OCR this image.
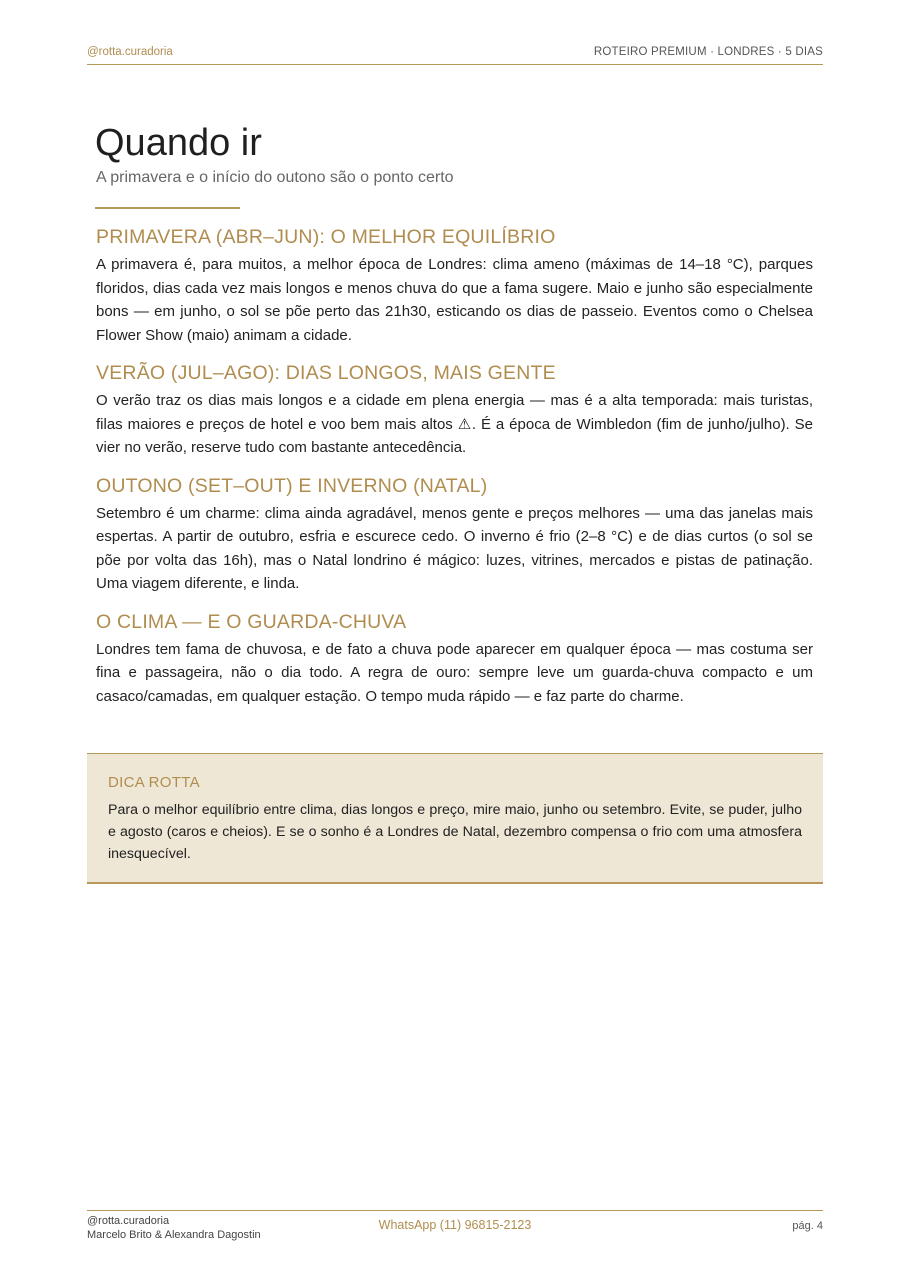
@rotta.curadoria	ROTEIRO PREMIUM · LONDRES · 5 DIAS
Quando ir

A primavera e o início do outono são o ponto certo

PRIMAVERA (ABR–JUN): O MELHOR EQUILÍBRIO

A primavera é, para muitos, a melhor época de Londres: clima ameno (máximas de 14–18 °C), parques floridos, dias cada vez mais longos e menos chuva do que a fama sugere. Maio e junho são especialmente bons — em junho, o sol se põe perto das 21h30, esticando os dias de passeio. Eventos como o Chelsea Flower Show (maio) animam a cidade.

VERÃO (JUL–AGO): DIAS LONGOS, MAIS GENTE

O verão traz os dias mais longos e a cidade em plena energia — mas é a alta temporada: mais turistas, filas maiores e preços de hotel e voo bem mais altos ⚠. É a época de Wimbledon (fim de junho/julho). Se vier no verão, reserve tudo com bastante antecedência.

OUTONO (SET–OUT) E INVERNO (NATAL)

Setembro é um charme: clima ainda agradável, menos gente e preços melhores — uma das janelas mais espertas. A partir de outubro, esfria e escurece cedo. O inverno é frio (2–8 °C) e de dias curtos (o sol se põe por volta das 16h), mas o Natal londrino é mágico: luzes, vitrines, mercados e pistas de patinação. Uma viagem diferente, e linda.

O CLIMA — E O GUARDA-CHUVA

Londres tem fama de chuvosa, e de fato a chuva pode aparecer em qualquer época — mas costuma ser fina e passageira, não o dia todo. A regra de ouro: sempre leve um guarda-chuva compacto e um casaco/camadas, em qualquer estação. O tempo muda rápido — e faz parte do charme.

DICA ROTTA

Para o melhor equilíbrio entre clima, dias longos e preço, mire maio, junho ou setembro. Evite, se puder, julho e agosto (caros e cheios). E se o sonho é a Londres de Natal, dezembro compensa o frio com uma atmosfera inesquecível.

@rotta.curadoria
Marcelo Brito & Alexandra Dagostin
WhatsApp (11) 96815-2123	pág. 4
